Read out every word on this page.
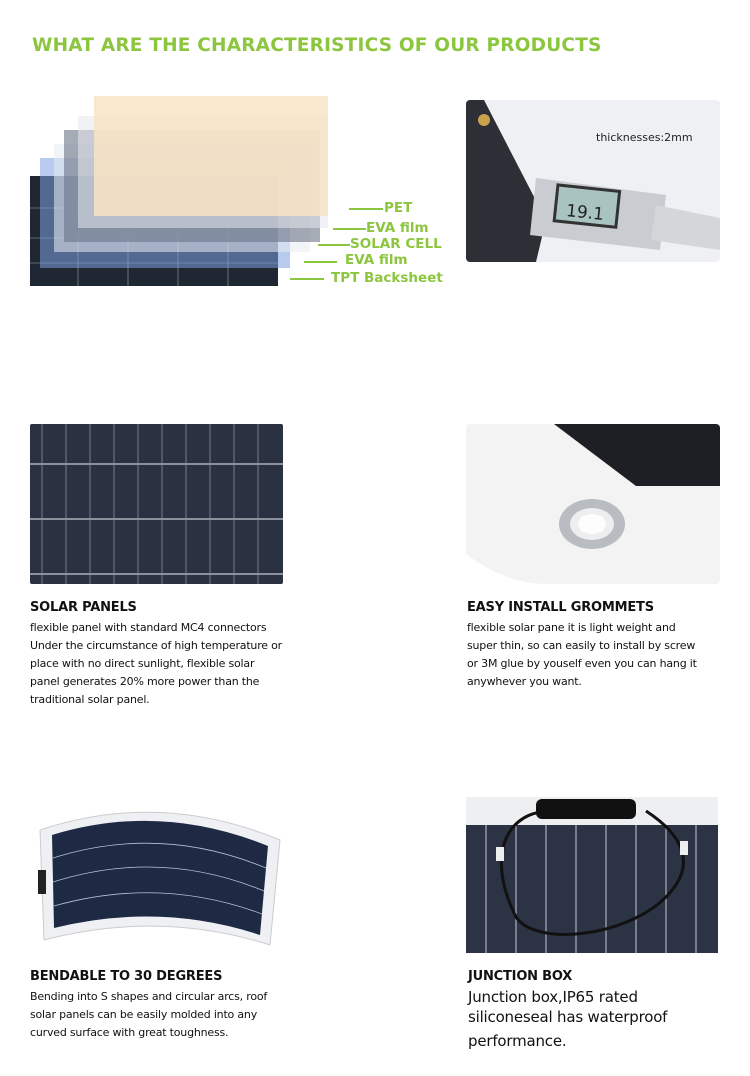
WHAT ARE THE CHARACTERISTICS OF OUR PRODUCTS
PET
EVA film
SOLAR CELL
EVA film
TPT Backsheet
thicknesses:2mm
19.1
SOLAR PANELS
flexible panel with standard MC4 connectors
Under the circumstance of high temperature or
place with no direct sunlight, flexible solar
panel generates 20% more power than the
traditional solar panel.
EASY INSTALL GROMMETS
flexible solar pane it is light weight and
super thin, so can easily to install by screw
or 3M glue by youself even you can hang it
anywhever you want.
BENDABLE TO 30 DEGREES
Bending into S shapes and circular arcs, roof
solar panels can be easily molded into any
curved surface with great toughness.
JUNCTION BOX
Junction box,IP65 rated
siliconeseal has waterproof
performance.
